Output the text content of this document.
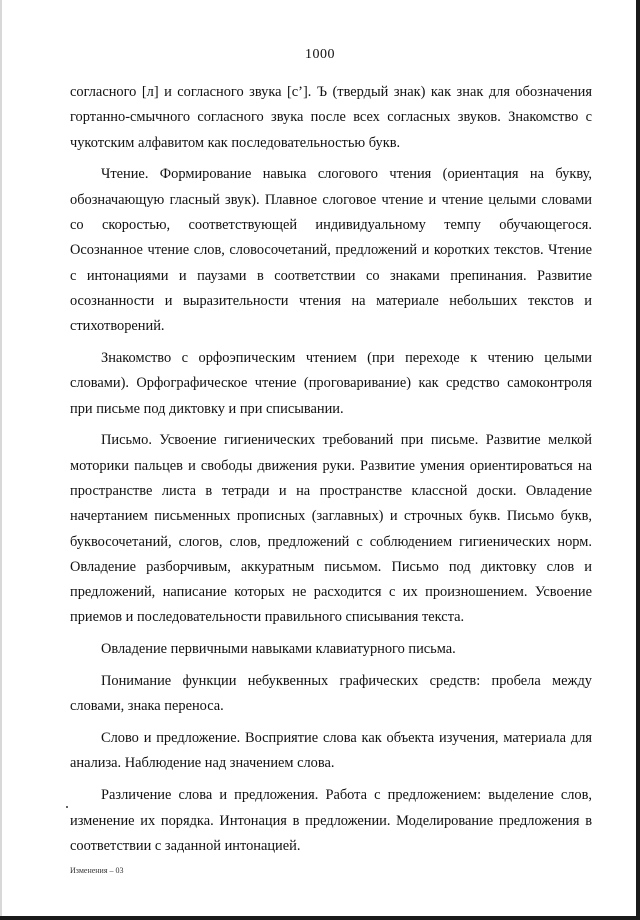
1000

согласного [л] и согласного звука [с’]. Ъ (твердый знак) как знак для обозначения гортанно-смычного согласного звука после всех согласных звуков. Знакомство с чукотским алфавитом как последовательностью букв.

Чтение. Формирование навыка слогового чтения (ориентация на букву, обозначающую гласный звук). Плавное слоговое чтение и чтение целыми словами со скоростью, соответствующей индивидуальному темпу обучающегося. Осознанное чтение слов, словосочетаний, предложений и коротких текстов. Чтение с интонациями и паузами в соответствии со знаками препинания. Развитие осознанности и выразительности чтения на материале небольших текстов и стихотворений.

Знакомство с орфоэпическим чтением (при переходе к чтению целыми словами). Орфографическое чтение (проговаривание) как средство самоконтроля при письме под диктовку и при списывании.

Письмо. Усвоение гигиенических требований при письме. Развитие мелкой моторики пальцев и свободы движения руки. Развитие умения ориентироваться на пространстве листа в тетради и на пространстве классной доски. Овладение начертанием письменных прописных (заглавных) и строчных букв. Письмо букв, буквосочетаний, слогов, слов, предложений с соблюдением гигиенических норм. Овладение разборчивым, аккуратным письмом. Письмо под диктовку слов и предложений, написание которых не расходится с их произношением. Усвоение приемов и последовательности правильного списывания текста.

Овладение первичными навыками клавиатурного письма.

Понимание функции небуквенных графических средств: пробела между словами, знака переноса.

Слово и предложение. Восприятие слова как объекта изучения, материала для анализа. Наблюдение над значением слова.

Различение слова и предложения. Работа с предложением: выделение слов, изменение их порядка. Интонация в предложении. Моделирование предложения в соответствии с заданной интонацией.

Изменения – 03
